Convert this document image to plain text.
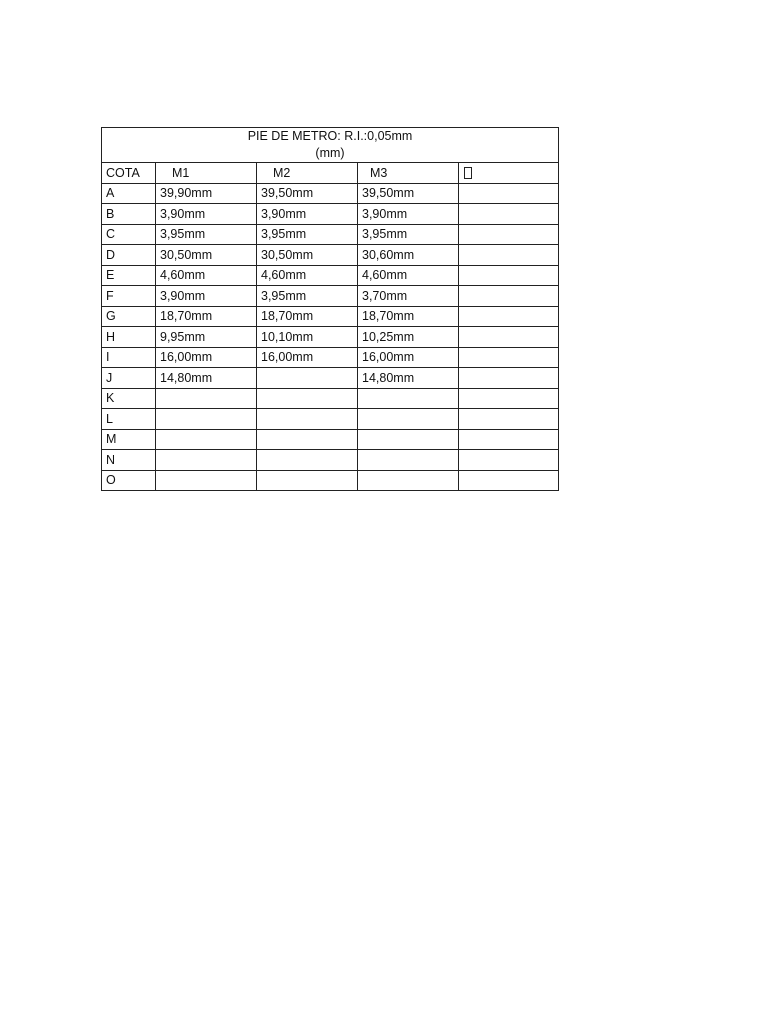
PIE DE METRO: R.I.:0,05mm
(mm)				

COTA	M1	M2	M3	
A	39,90mm	39,50mm	39,50mm	
B	3,90mm	3,90mm	3,90mm	
C	3,95mm	3,95mm	3,95mm	
D	30,50mm	30,50mm	30,60mm	
E	4,60mm	4,60mm	4,60mm	
F	3,90mm	3,95mm	3,70mm	
G	18,70mm	18,70mm	18,70mm	
H	9,95mm	10,10mm	10,25mm	
I	16,00mm	16,00mm	16,00mm	
J	14,80mm		14,80mm	
K				
L				
M				
N				
O				
